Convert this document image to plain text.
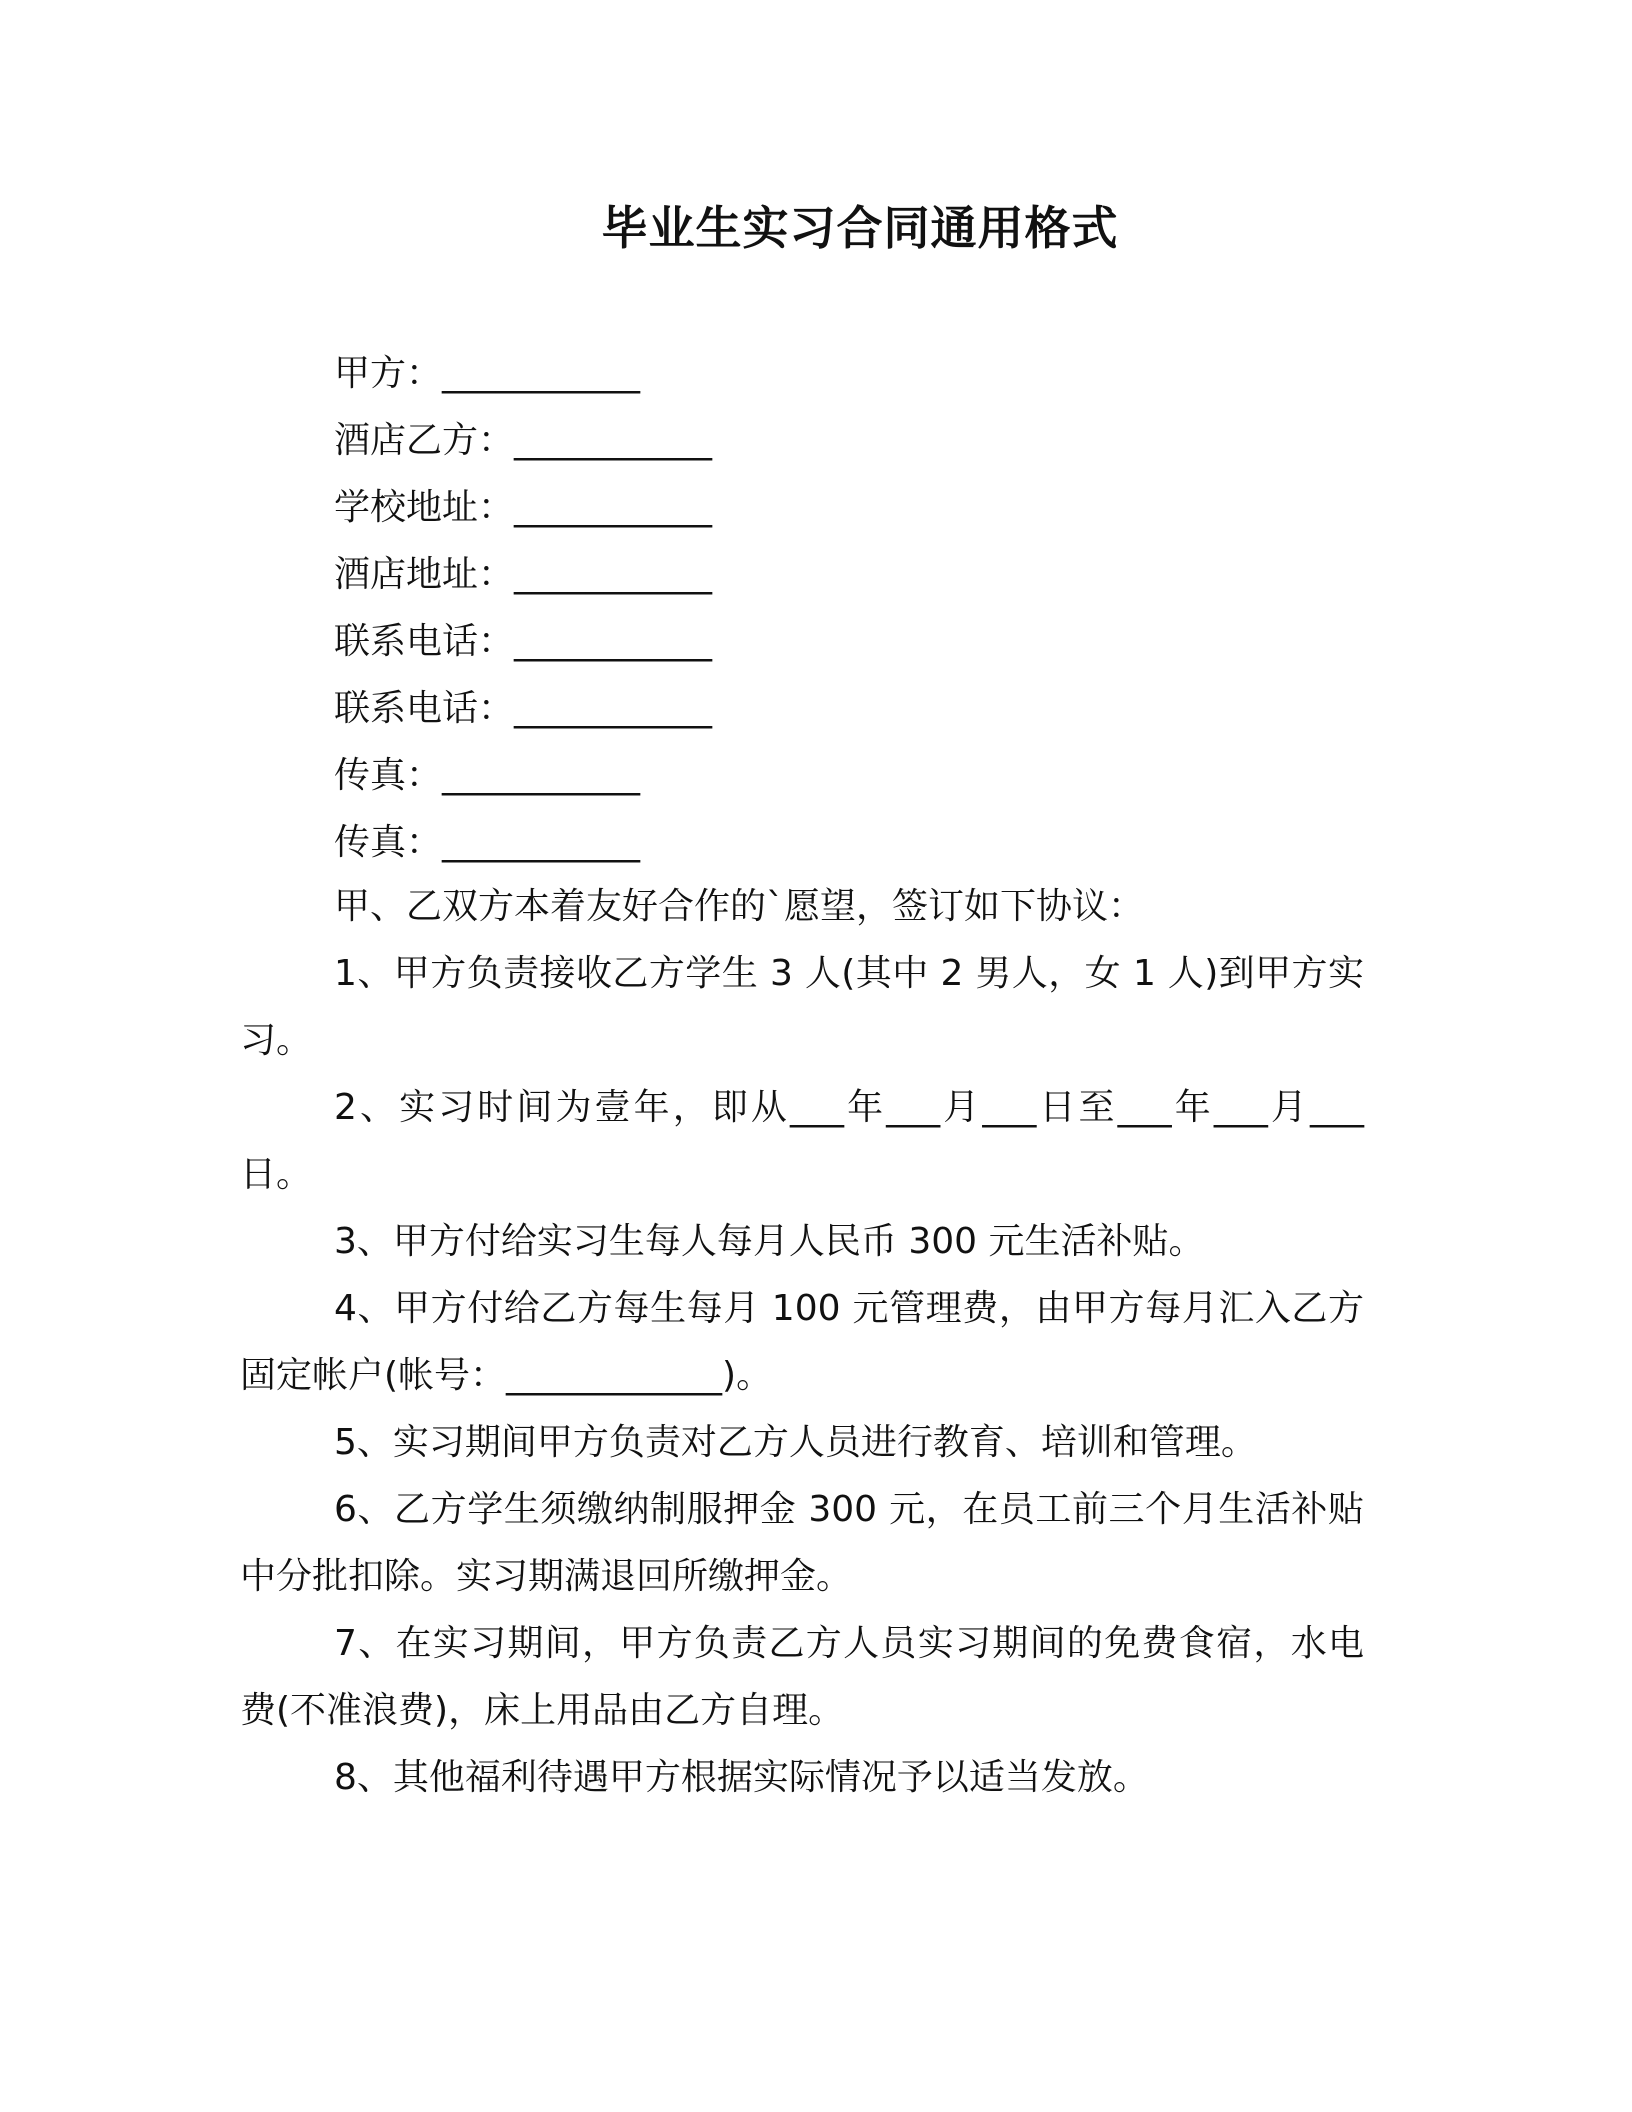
毕业生实习合同通用格式
甲方：___________
酒店乙方：___________
学校地址：___________
酒店地址：___________
联系电话：___________
联系电话：___________
传真：___________
传真：___________

甲、乙双方本着友好合作的`愿望，签订如下协议：

1、甲方负责接收乙方学生 3 人(其中 2 男人，女 1 人)到甲方实习。

2、实习时间为壹年，即从___年___月___日至___年___月___日。

3、甲方付给实习生每人每月人民币 300 元生活补贴。

4、甲方付给乙方每生每月 100 元管理费，由甲方每月汇入乙方固定帐户(帐号：____________)。

5、实习期间甲方负责对乙方人员进行教育、培训和管理。

6、乙方学生须缴纳制服押金 300 元，在员工前三个月生活补贴中分批扣除。实习期满退回所缴押金。

7、在实习期间，甲方负责乙方人员实习期间的免费食宿，水电费(不准浪费)，床上用品由乙方自理。

8、其他福利待遇甲方根据实际情况予以适当发放。
